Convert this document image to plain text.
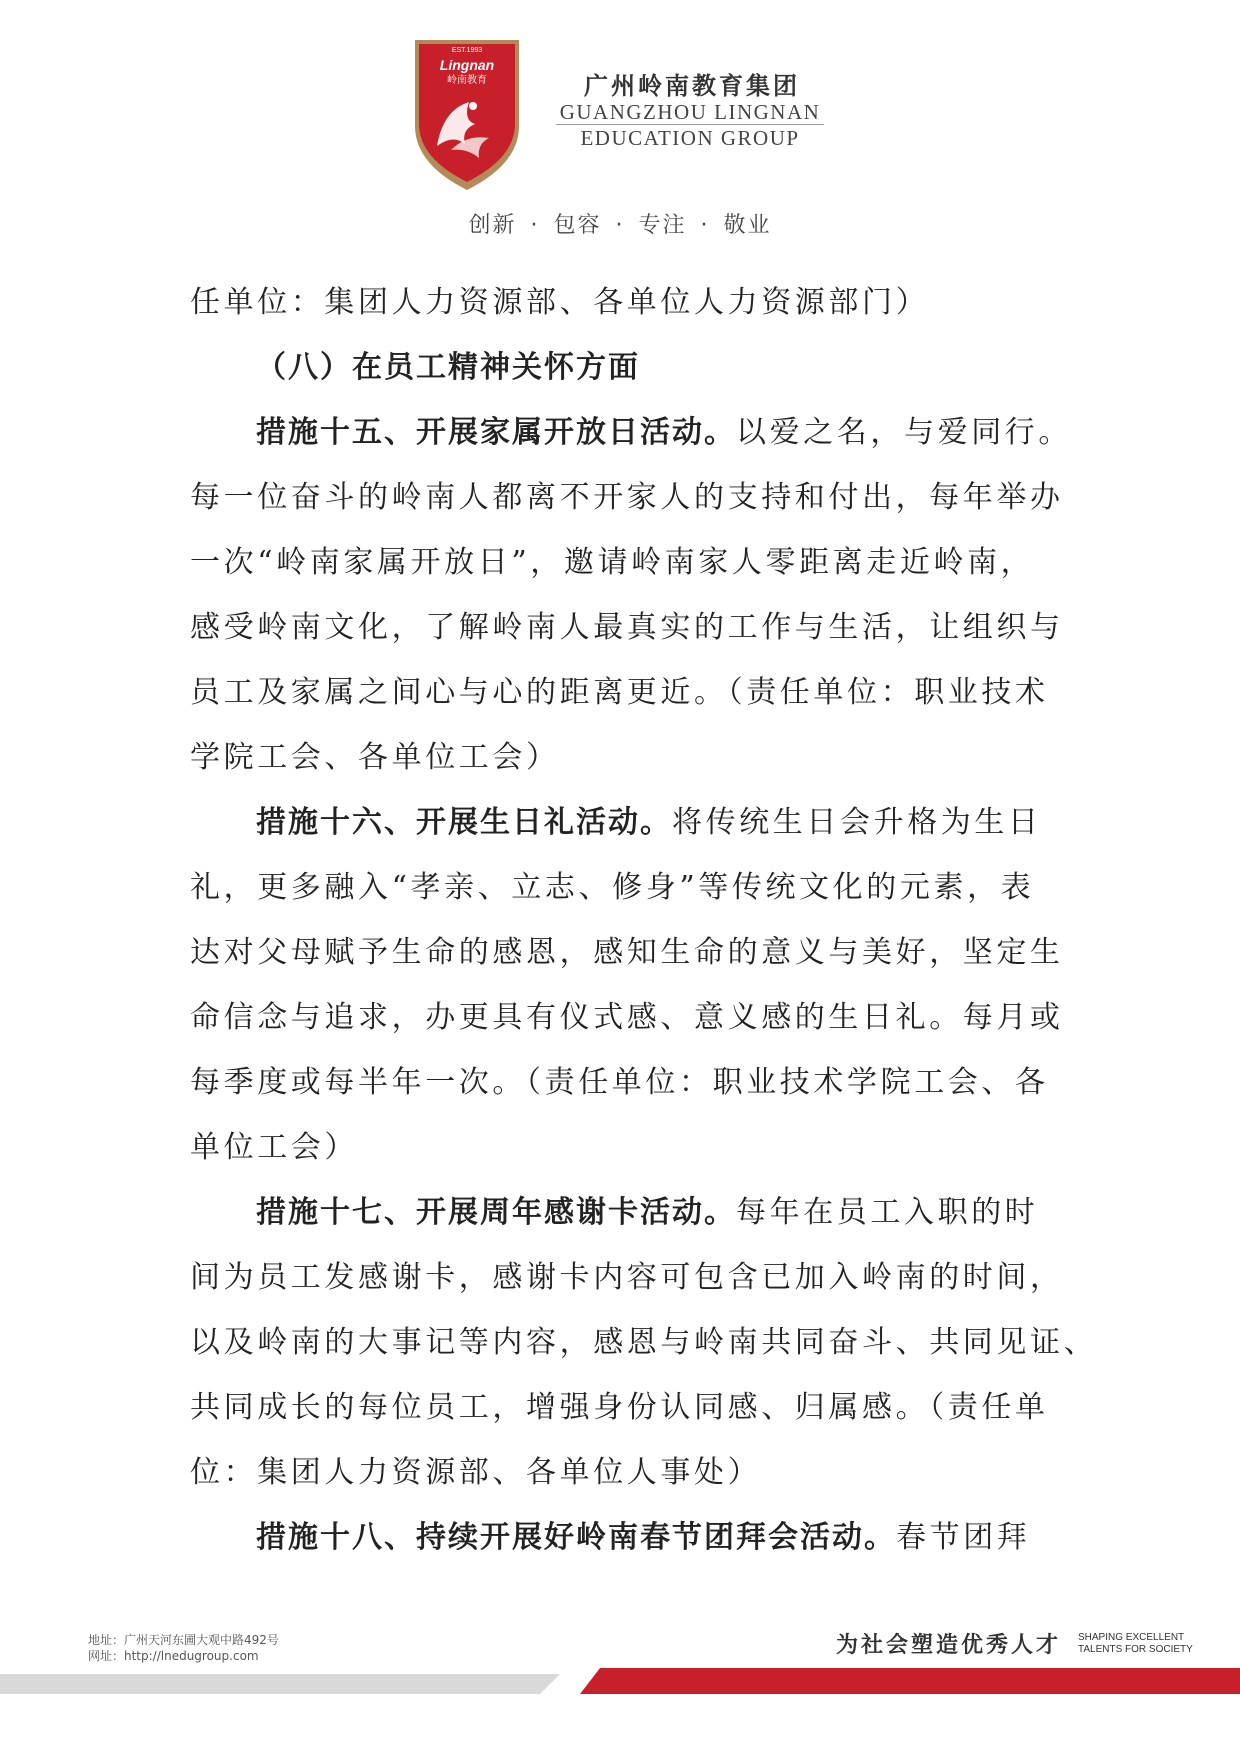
EST.1993
Lingnan
岭南教育	广州岭南教育集团
GUANGZHOU LINGNAN
EDUCATION GROUP
创新 · 包容 · 专注 · 敬业
任单位：集团人力资源部、各单位人力资源部门）
（八）在员工精神关怀方面
措施十五、开展家属开放日活动。以爱之名，与爱同行。
每一位奋斗的岭南人都离不开家人的支持和付出，每年举办
一次“岭南家属开放日”，邀请岭南家人零距离走近岭南，
感受岭南文化，了解岭南人最真实的工作与生活，让组织与
员工及家属之间心与心的距离更近。（责任单位：职业技术
学院工会、各单位工会）
措施十六、开展生日礼活动。将传统生日会升格为生日
礼，更多融入“孝亲、立志、修身”等传统文化的元素，表
达对父母赋予生命的感恩，感知生命的意义与美好，坚定生
命信念与追求，办更具有仪式感、意义感的生日礼。每月或
每季度或每半年一次。（责任单位：职业技术学院工会、各
单位工会）
措施十七、开展周年感谢卡活动。每年在员工入职的时
间为员工发感谢卡，感谢卡内容可包含已加入岭南的时间，
以及岭南的大事记等内容，感恩与岭南共同奋斗、共同见证、
共同成长的每位员工，增强身份认同感、归属感。（责任单
位：集团人力资源部、各单位人事处）
措施十八、持续开展好岭南春节团拜会活动。春节团拜
地址：广州天河东圃大观中路492号
网址：http://lnedugroup.com	为社会塑造优秀人才 SHAPING EXCELLENT
TALENTS FOR SOCIETY
